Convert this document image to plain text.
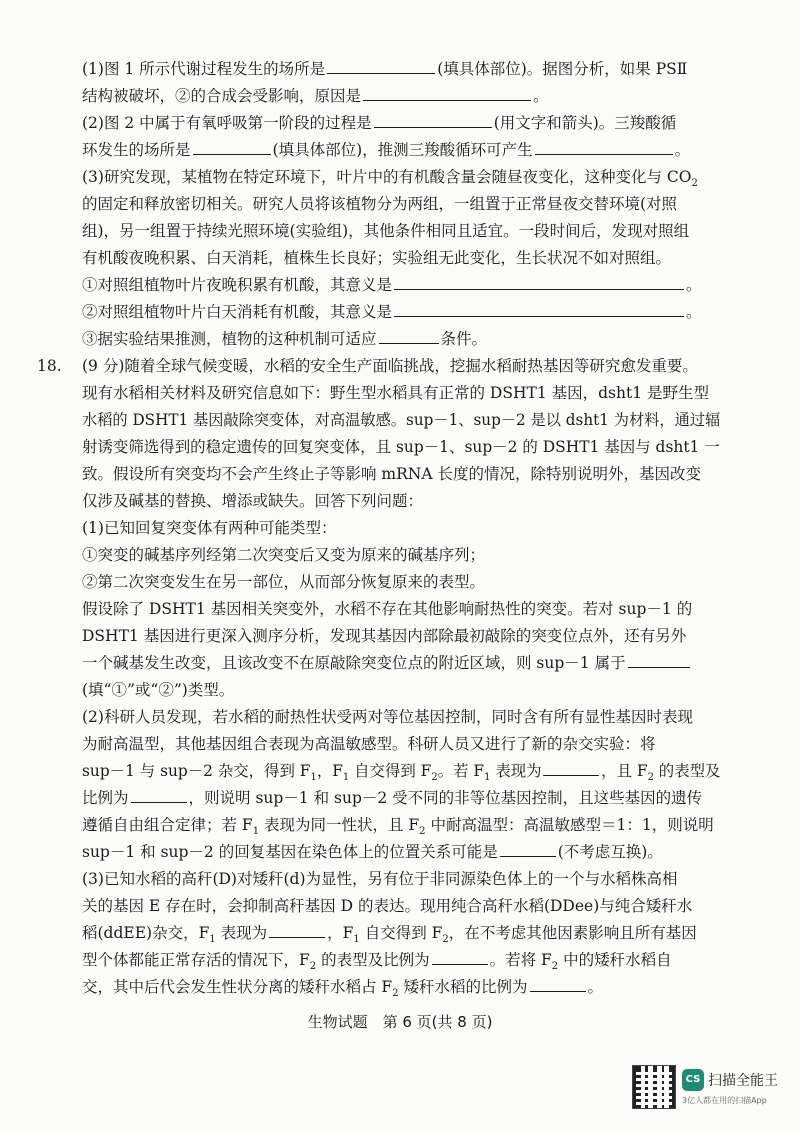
(1)图 1 所示代谢过程发生的场所是	(填具体部位)。据图分析，如果 PSⅡ
结构被破坏，②的合成会受影响，原因是	。
(2)图 2 中属于有氧呼吸第一阶段的过程是	(用文字和箭头)。三羧酸循
环发生的场所是	(填具体部位)，推测三羧酸循环可产生	。
(3)研究发现，某植物在特定环境下，叶片中的有机酸含量会随昼夜变化，这种变化与 $CO_2$
的固定和释放密切相关。研究人员将该植物分为两组，一组置于正常昼夜交替环境(对照
组)，另一组置于持续光照环境(实验组)，其他条件相同且适宜。一段时间后，发现对照组
有机酸夜晚积累、白天消耗，植株生长良好；实验组无此变化，生长状况不如对照组。
①对照组植物叶片夜晚积累有机酸，其意义是	。
②对照组植物叶片白天消耗有机酸，其意义是	。
③据实验结果推测，植物的这种机制可适应	条件。
18. (9 分)随着全球气候变暖，水稻的安全生产面临挑战，挖掘水稻耐热基因等研究愈发重要。
现有水稻相关材料及研究信息如下：野生型水稻具有正常的 DSHT1 基因，dsht1 是野生型
水稻的 DSHT1 基因敲除突变体，对高温敏感。sup－1、sup－2 是以 dsht1 为材料，通过辐
射诱变筛选得到的稳定遗传的回复突变体，且 sup－1、sup－2 的 DSHT1 基因与 dsht1 一
致。假设所有突变均不会产生终止子等影响 mRNA 长度的情况，除特别说明外，基因改变
仅涉及碱基的替换、增添或缺失。回答下列问题：
(1)已知回复突变体有两种可能类型：
①突变的碱基序列经第二次突变后又变为原来的碱基序列；
②第二次突变发生在另一部位，从而部分恢复原来的表型。
假设除了 DSHT1 基因相关突变外，水稻不存在其他影响耐热性的突变。若对 sup－1 的
DSHT1 基因进行更深入测序分析，发现其基因内部除最初敲除的突变位点外，还有另外
一个碱基发生改变，且该改变不在原敲除突变位点的附近区域，则 sup－1 属于
(填“①”或“②”)类型。
(2)科研人员发现，若水稻的耐热性状受两对等位基因控制，同时含有所有显性基因时表现
为耐高温型，其他基因组合表现为高温敏感型。科研人员又进行了新的杂交实验：将
sup－1 与 sup－2 杂交，得到 $F_1$，$F_1$ 自交得到 $F_2$。若 $F_1$ 表现为	，且 $F_2$ 的表型及
比例为	，则说明 sup－1 和 sup－2 受不同的非等位基因控制，且这些基因的遗传
遵循自由组合定律；若 $F_1$ 表现为同一性状，且 $F_2$ 中耐高温型：高温敏感型＝1：1，则说明
sup－1 和 sup－2 的回复基因在染色体上的位置关系可能是	(不考虑互换)。
(3)已知水稻的高秆(D)对矮秆(d)为显性，另有位于非同源染色体上的一个与水稻株高相
关的基因 E 存在时，会抑制高秆基因 D 的表达。现用纯合高秆水稻(DDee)与纯合矮秆水
稻(ddEE)杂交，$F_1$ 表现为	，$F_1$ 自交得到 $F_2$，在不考虑其他因素影响且所有基因
型个体都能正常存活的情况下，$F_2$ 的表型及比例为	。若将 $F_2$ 中的矮秆水稻自
交，其中后代会发生性状分离的矮秆水稻占 $F_2$ 矮秆水稻的比例为	。
生物试题　第 6 页(共 8 页)
CS 扫描全能王
3亿人都在用的扫描App
